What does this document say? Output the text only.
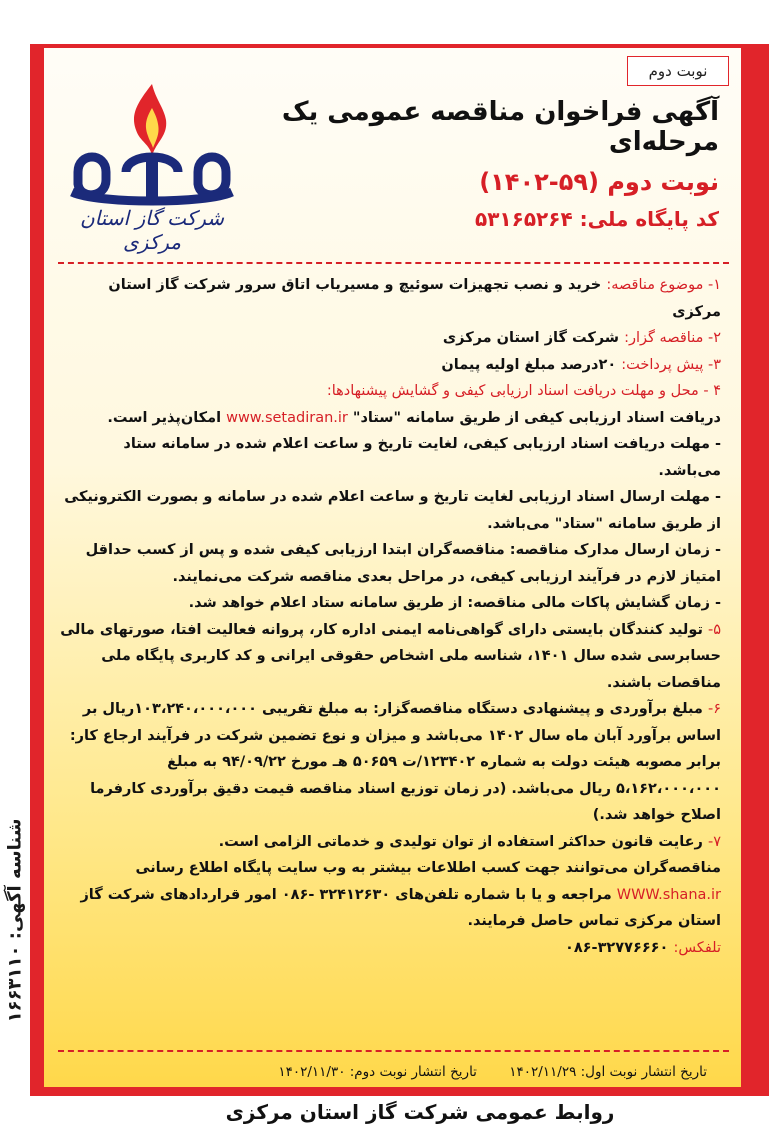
نوبت دوم
آگهی فراخوان مناقصه عمومی یک مرحله‌ای
نوبت دوم (۵۹-۱۴۰۲)
کد پایگاه ملی: ۵۳۱۶۵۲۶۴
شرکت گاز استان مرکزی

۱- موضوع مناقصه: خرید و نصب تجهیزات سوئیچ و مسیریاب اتاق سرور شرکت گاز استان مرکزی

۲- مناقصه گزار: شرکت گاز استان مرکزی

۳- پیش پرداخت: ۲۰درصد مبلغ اولیه پیمان

۴ - محل و مهلت دریافت اسناد ارزیابی کیفی و گشایش پیشنهادها:

دریافت اسناد ارزیابی کیفی از طریق سامانه "ستاد" www.setadiran.ir امکان‌پذیر است.

- مهلت دریافت اسناد ارزیابی کیفی، لغایت تاریخ و ساعت اعلام شده در سامانه ستاد می‌باشد.

- مهلت ارسال اسناد ارزیابی لغایت تاریخ و ساعت اعلام شده در سامانه و بصورت الکترونیکی از طریق سامانه "ستاد" می‌باشد.

- زمان ارسال مدارک مناقصه: مناقصه‌گران ابتدا ارزیابی کیفی شده و پس از کسب حداقل امتیاز لازم در فرآیند ارزیابی کیفی، در مراحل بعدی مناقصه شرکت می‌نمایند.

- زمان گشایش پاکات مالی مناقصه: از طریق سامانه ستاد اعلام خواهد شد.

۵- تولید کنندگان بایستی دارای گواهی‌نامه ایمنی اداره کار، پروانه فعالیت افتا، صورتهای مالی حسابرسی شده سال ۱۴۰۱، شناسه ملی اشخاص حقوقی ایرانی و کد کاربری پایگاه ملی مناقصات باشند.

۶- مبلغ برآوردی و پیشنهادی دستگاه مناقصه‌گزار: به مبلغ تقریبی ۱۰۳،۲۴۰،۰۰۰،۰۰۰ریال بر اساس برآورد آبان ماه سال ۱۴۰۲ می‌باشد و میزان و نوع تضمین شرکت در فرآیند ارجاع کار: برابر مصوبه هیئت دولت به شماره ۱۲۳۴۰۲/ت ۵۰۶۵۹ هـ مورخ ۹۴/۰۹/۲۲ به مبلغ ۵،۱۶۲،۰۰۰،۰۰۰ ریال می‌باشد. (در زمان توزیع اسناد مناقصه قیمت دقیق برآوردی کارفرما اصلاح خواهد شد.)

۷- رعایت قانون حداکثر استفاده از توان تولیدی و خدماتی الزامی است.

مناقصه‌گران می‌توانند جهت کسب اطلاعات بیشتر به وب سایت پایگاه اطلاع رسانی WWW.shana.ir مراجعه و یا با شماره تلفن‌های ۳۲۴۱۲۶۳۰ -۰۸۶ امور قراردادهای شرکت گاز استان مرکزی تماس حاصل فرمایند.

تلفکس: ۳۲۷۷۶۶۶۰-۰۸۶

تاریخ انتشار نوبت اول: ۱۴۰۲/۱۱/۲۹ تاریخ انتشار نوبت دوم: ۱۴۰۲/۱۱/۳۰
شناسه آگهی: ۱۶۶۳۱۱۰
روابط عمومی شرکت گاز استان مرکزی
